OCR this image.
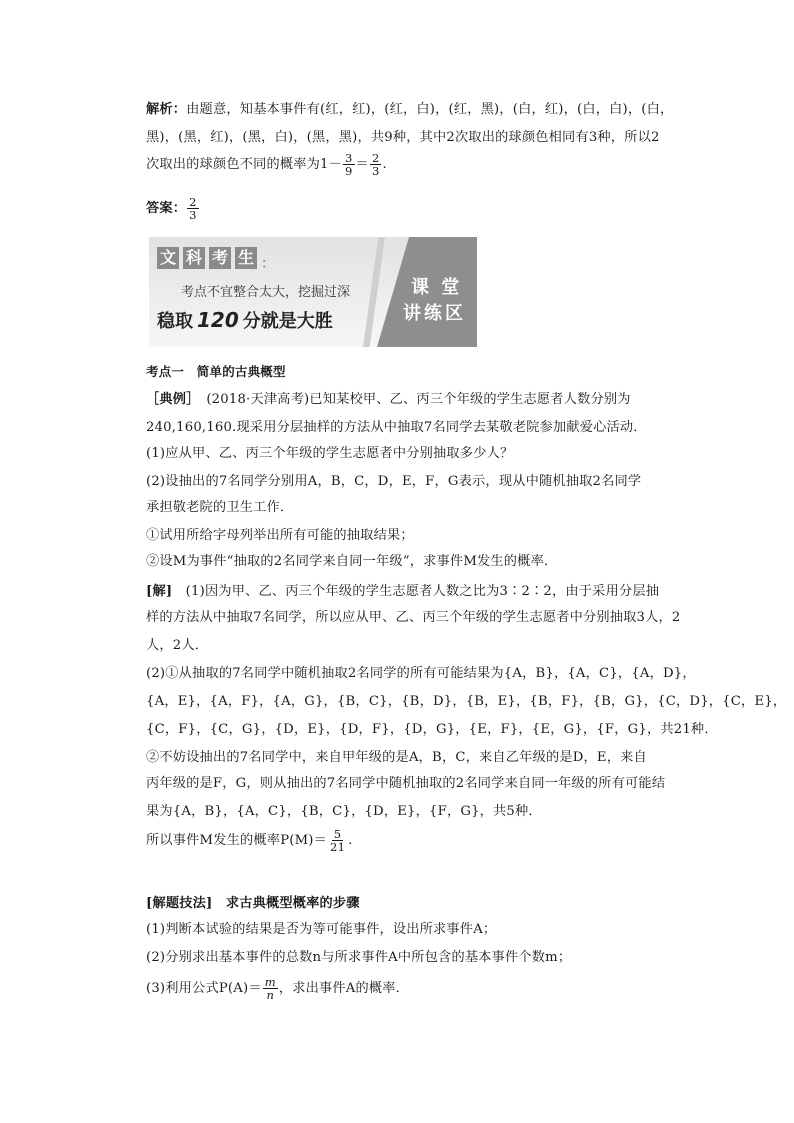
解析：由题意，知基本事件有(红，红)，(红，白)，(红，黑)，(白，红)，(白，白)，(白，
黑)，(黑，红)，(黑，白)，(黑，黑)，共9种，其中2次取出的球颜色相同有3种，所以2
次取出的球颜色不同的概率为$1- \frac{3}{9} = \frac{2}{3}$ .
答案： $\frac{2}{3}$
文 科 考 生 ：
考点不宜整合太大，挖掘过深
稳取 120 分就是大胜
课 堂
讲练区
考点一　简单的古典概型
［典例］　(2018·天津高考)已知某校甲、乙、丙三个年级的学生志愿者人数分别为
240,160,160.现采用分层抽样的方法从中抽取7名同学去某敬老院参加献爱心活动．
(1)应从甲、乙、丙三个年级的学生志愿者中分别抽取多少人？
(2)设抽出的7名同学分别用A，B，C，D，E，F，G表示，现从中随机抽取2名同学
承担敬老院的卫生工作．
①试用所给字母列举出所有可能的抽取结果；
②设M为事件“抽取的2名同学来自同一年级”，求事件M发生的概率．
[解]　(1)因为甲、乙、丙三个年级的学生志愿者人数之比为3∶2∶2，由于采用分层抽
样的方法从中抽取7名同学，所以应从甲、乙、丙三个年级的学生志愿者中分别抽取3人，2
人，2人．
(2)①从抽取的7名同学中随机抽取2名同学的所有可能结果为{A，B}，{A，C}，{A，D}，
{A，E}，{A，F}，{A，G}，{B，C}，{B，D}，{B，E}，{B，F}，{B，G}，{C，D}，{C，E}，
{C，F}，{C，G}，{D，E}，{D，F}，{D，G}，{E，F}，{E，G}，{F，G}，共21种．
②不妨设抽出的7名同学中，来自甲年级的是A，B，C，来自乙年级的是D，E，来自
丙年级的是F，G，则从抽出的7名同学中随机抽取的2名同学来自同一年级的所有可能结
果为{A，B}，{A，C}，{B，C}，{D，E}，{F，G}，共5种．
所以事件M发生的概率$P(M)= \frac{5}{21}$ .
[解题技法]　求古典概型概率的步骤
(1)判断本试验的结果是否为等可能事件，设出所求事件A；
(2)分别求出基本事件的总数n与所求事件A中所包含的基本事件个数m；
(3)利用公式$P(A)= \frac{m}{n}$ ，求出事件A的概率．
